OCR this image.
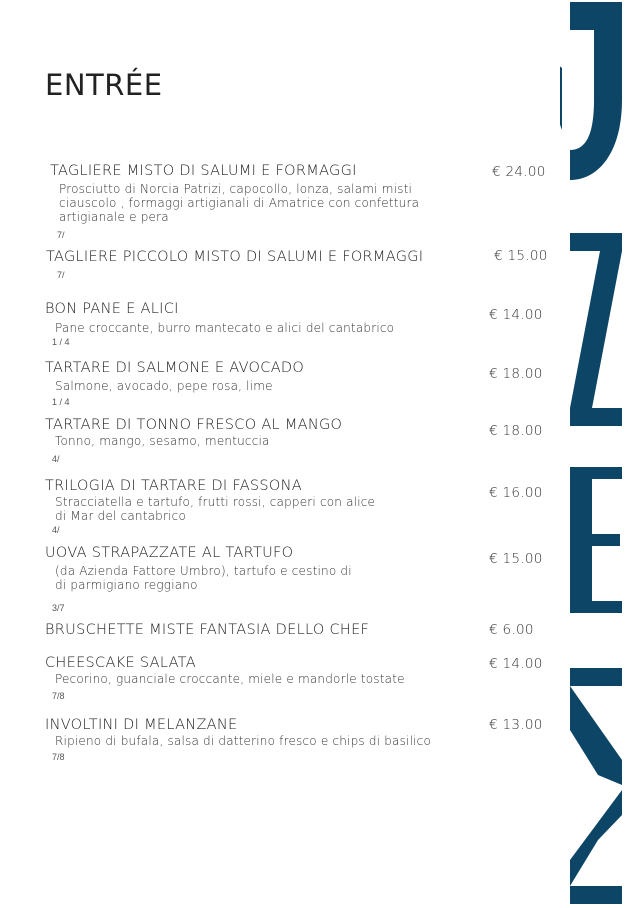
ENTRÉE
TAGLIERE MISTO DI SALUMI E FORMAGGI
Prosciutto di Norcia Patrizi, capocollo, lonza, salami misti ciauscolo , formaggi artigianali di Amatrice con confettura artigianale e pera
7/
€ 24.00
TAGLIERE PICCOLO MISTO DI SALUMI E FORMAGGI
7/
€ 15.00
BON PANE E ALICI
Pane croccante, burro mantecato e alici del cantabrico
1 / 4
€ 14.00
TARTARE DI SALMONE E AVOCADO
Salmone, avocado, pepe rosa, lime
1 / 4
€ 18.00
TARTARE DI TONNO FRESCO AL MANGO
Tonno, mango, sesamo, mentuccia
4/
€ 18.00
TRILOGIA DI TARTARE DI FASSONA
Stracciatella e tartufo, frutti rossi, capperi con alice di Mar del cantabrico
4/
€ 16.00
UOVA STRAPAZZATE AL TARTUFO
(da Azienda Fattore Umbro), tartufo e cestino di di parmigiano reggiano
3/7
€ 15.00
BRUSCHETTE MISTE FANTASIA DELLO CHEF	€ 6.00
CHEESCAKE SALATA
Pecorino, guanciale croccante, miele e mandorle tostate
7/8
€ 14.00
INVOLTINI DI MELANZANE
Ripieno di bufala, salsa di datterino fresco e chips di basilico
7/8
€ 13.00
